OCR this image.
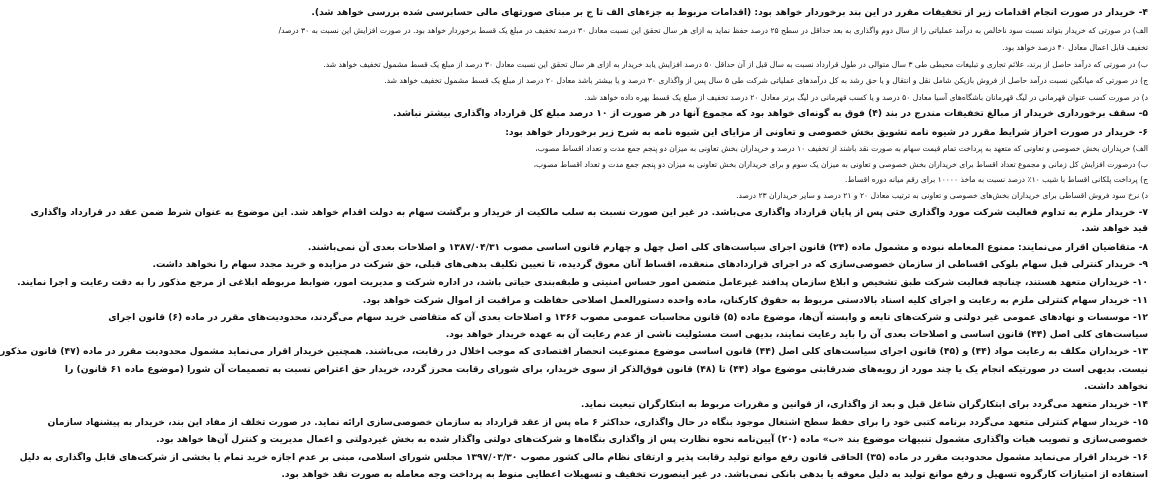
۴- خریدار در صورت انجام اقدامات زیر از تخفیفات مقرر در این بند برخوردار خواهد بود: (اقدامات مربوط به جزءهای الف تا ج بر مبنای صورتهای مالی حسابرسی شده بررسی خواهد شد).
الف) در صورتی که خریدار بتواند نسبت سود ناخالص به درآمد عملیاتی را از سال دوم واگذاری به بعد حداقل در سطح ۲۵ درصد حفظ نماید به ازای هر سال تحقق این نسبت معادل ۳۰ درصد تخفیف در مبلغ یک قسط برخوردار خواهد بود. در صورت افزایش این نسبت به ۳۰ درصد/
تخفیف قابل اعمال معادل ۴۰ درصد خواهد بود.
ب) در صورتی که درآمد حاصل از برند، علائم تجاری و تبلیغات محیطی طی ۳ سال متوالی در طول قرارداد نسبت به سال قبل از آن حداقل ۵۰ درصد افزایش یابد خریدار به ازای هر سال تحقق این نسبت معادل ۳۰ درصد از مبلغ یک قسط مشمول تخفیف خواهد شد.
ج) در صورتی که میانگین نسبت درآمد حاصل از فروش بازیکن شامل نقل و انتقال و یا حق رشد به کل درآمدهای عملیاتی شرکت طی ۵ سال پس از واگذاری ۳۰ درصد و یا بیشتر باشد معادل ۲۰ درصد از مبلغ یک قسط مشمول تخفیف خواهد شد.
د) در صورت کسب عنوان قهرمانی در لیگ قهرمانان باشگاه‌های آسیا معادل ۵۰ درصد و یا کسب قهرمانی در لیگ برتر معادل ۲۰ درصد تخفیف از مبلغ یک قسط بهره داده خواهد شد.
۵- سقف برخورداری خریدار از مبالغ تخفیفات مندرج در بند (۴) فوق به گونه‌ای خواهد بود که مجموع آنها در هر صورت از ۱۰ درصد مبلغ کل قرارداد واگذاری بیشتر نباشد.
۶- خریدار در صورت احراز شرایط مقرر در شیوه نامه تشویق بخش خصوصی و تعاونی از مزایای این شیوه نامه به شرح زیر برخوردار خواهد بود:
الف) خریداران بخش خصوصی و تعاونی که متعهد به پرداخت تمام قیمت سهام به صورت نقد باشند از تخفیف ۱۰ درصد و خریداران بخش تعاونی به میزان دو پنجم جمع مدت و تعداد اقساط مصوب،
ب) درصورت افزایش کل زمانی و مجموع تعداد اقساط برای خریداران بخش خصوصی و تعاونی به میزان یک سوم و برای خریداران بخش تعاونی به میزان دو پنجم جمع مدت و تعداد اقساط مصوب،
ج) پرداخت پلکانی اقساط با شیب ۱۰٪ درصد نسبت به ماخذ ۱۰۰۰۰ برای رقم میانه دوره اقساط.
د) نرخ سود فروش اقساطی برای خریداران بخش‌های خصوصی و تعاونی به ترتیب معادل ۲۰ و ۲۱ درصد و سایر خریداران ۲۳ درصد.
۷- خریدار ملزم به تداوم فعالیت شرکت مورد واگذاری حتی پس از پایان قرارداد واگذاری می‌باشد. در غیر این صورت نسبت به سلب مالکیت از خریدار و برگشت سهام به دولت اقدام خواهد شد. این موضوع به عنوان شرط ضمن عقد در قرارداد واگذاری
قید خواهد شد.
۸- متقاضیان اقرار می‌نمایند: ممنوع المعامله نبوده و مشمول ماده (۲۴) قانون اجرای سیاست‌های کلی اصل چهل و چهارم قانون اساسی مصوب ۱۳۸۷/۰۴/۳۱ و اصلاحات بعدی آن نمی‌باشند.
۹- خریدار کنترلی قبل سهام بلوکی اقساطی از سازمان خصوصی‌سازی که در اجرای قراردادهای منعقده، اقساط آنان معوق گردیده، تا تعیین تکلیف بدهی‌های قبلی، حق شرکت در مزایده و خرید مجدد سهام را نخواهد داشت.
۱۰- خریداران متعهد هستند، چنانچه فعالیت شرکت طبق تشخیص و ابلاغ سازمان پدافند غیرعامل متضمن امور حساس امنیتی و طبقه‌بندی حیاتی باشد، در اداره شرکت و مدیریت امور، ضوابط مربوطه ابلاغی از مرجع مذکور را به دقت رعایت و اجرا نمایند.
۱۱- خریدار سهام کنترلی ملزم به رعایت و اجرای کلیه اسناد بالادستی مربوط به حقوق کارکنان، ماده واحده دستورالعمل اصلاحی حفاظت و مراقبت از اموال شرکت خواهد بود.
۱۲- موسسات و نهادهای عمومی غیر دولتی و شرکت‌های تابعه و وابسته آن‌ها، موضوع ماده (۵) قانون محاسبات عمومی مصوب ۱۳۶۶ و اصلاحات بعدی آن که متقاضی خرید سهام می‌گردند، محدودیت‌های مقرر در ماده (۶) قانون اجرای
سیاست‌های کلی اصل (۴۴) قانون اساسی و اصلاحات بعدی آن را باید رعایت نمایند، بدیهی است مسئولیت ناشی از عدم رعایت آن به عهده خریدار خواهد بود.
۱۳- خریداران مکلف به رعایت مواد (۴۴) و (۴۵) قانون اجرای سیاست‌های کلی اصل (۴۴) قانون اساسی موضوع ممنوعیت انحصار اقتصادی که موجب اخلال در رقابت، می‌باشند. همچنین خریدار اقرار می‌نماید مشمول محدودیت مقرر در ماده (۴۷) قانون مذکور
نیست. بدیهی است در صورتیکه انجام یک یا چند مورد از رویه‌های ضدرقابتی موضوع مواد (۴۴) تا (۴۸) قانون فوق‌الذکر از سوی خریدار، برای شورای رقابت محرز گردد، خریدار حق اعتراض نسبت به تصمیمات آن شورا (موضوع ماده ۶۱ قانون) را
نخواهد داشت.
۱۴- خریدار متعهد می‌گردد برای ابتکارگران شاغل قبل و بعد از واگذاری، از قوانین و مقررات مربوط به ابتکارگران تبعیت نماید.
۱۵- خریدار سهام کنترلی متعهد می‌گردد برنامه کتبی خود را برای حفظ سطح اشتغال موجود بنگاه در حال واگذاری، حداکثر ۶ ماه پس از عقد قرارداد به سازمان خصوصی‌سازی ارائه نماید. در صورت تخلف از مفاد این بند، خریدار به پیشنهاد سازمان
خصوصی‌سازی و تصویب هیات واگذاری مشمول تنبیهات موضوع بند «ب» ماده (۲۰) آیین‌نامه نحوه نظارت پس از واگذاری بنگاه‌ها و شرکت‌های دولتی واگذار شده به بخش غیردولتی و اعمال مدیریت و کنترل آن‌ها خواهد بود.
۱۶- خریدار اقرار می‌نماید مشمول محدودیت مقرر در ماده (۳۵) الحاقی قانون رفع موانع تولید رقابت پذیر و ارتقای نظام مالی کشور مصوب ۱۳۹۷/۰۳/۳۰ مجلس شورای اسلامی، مبنی بر عدم اجازه خرید تمام یا بخشی از شرکت‌های قابل واگذاری به دلیل
استفاده از امتیازات کارگروه تسهیل و رفع موانع تولید به دلیل معوقه یا بدهی بانکی نمی‌باشد. در غیر اینصورت تخفیف و تسهیلات اعطایی منوط به پرداخت وجه معامله به صورت نقد خواهد بود.
